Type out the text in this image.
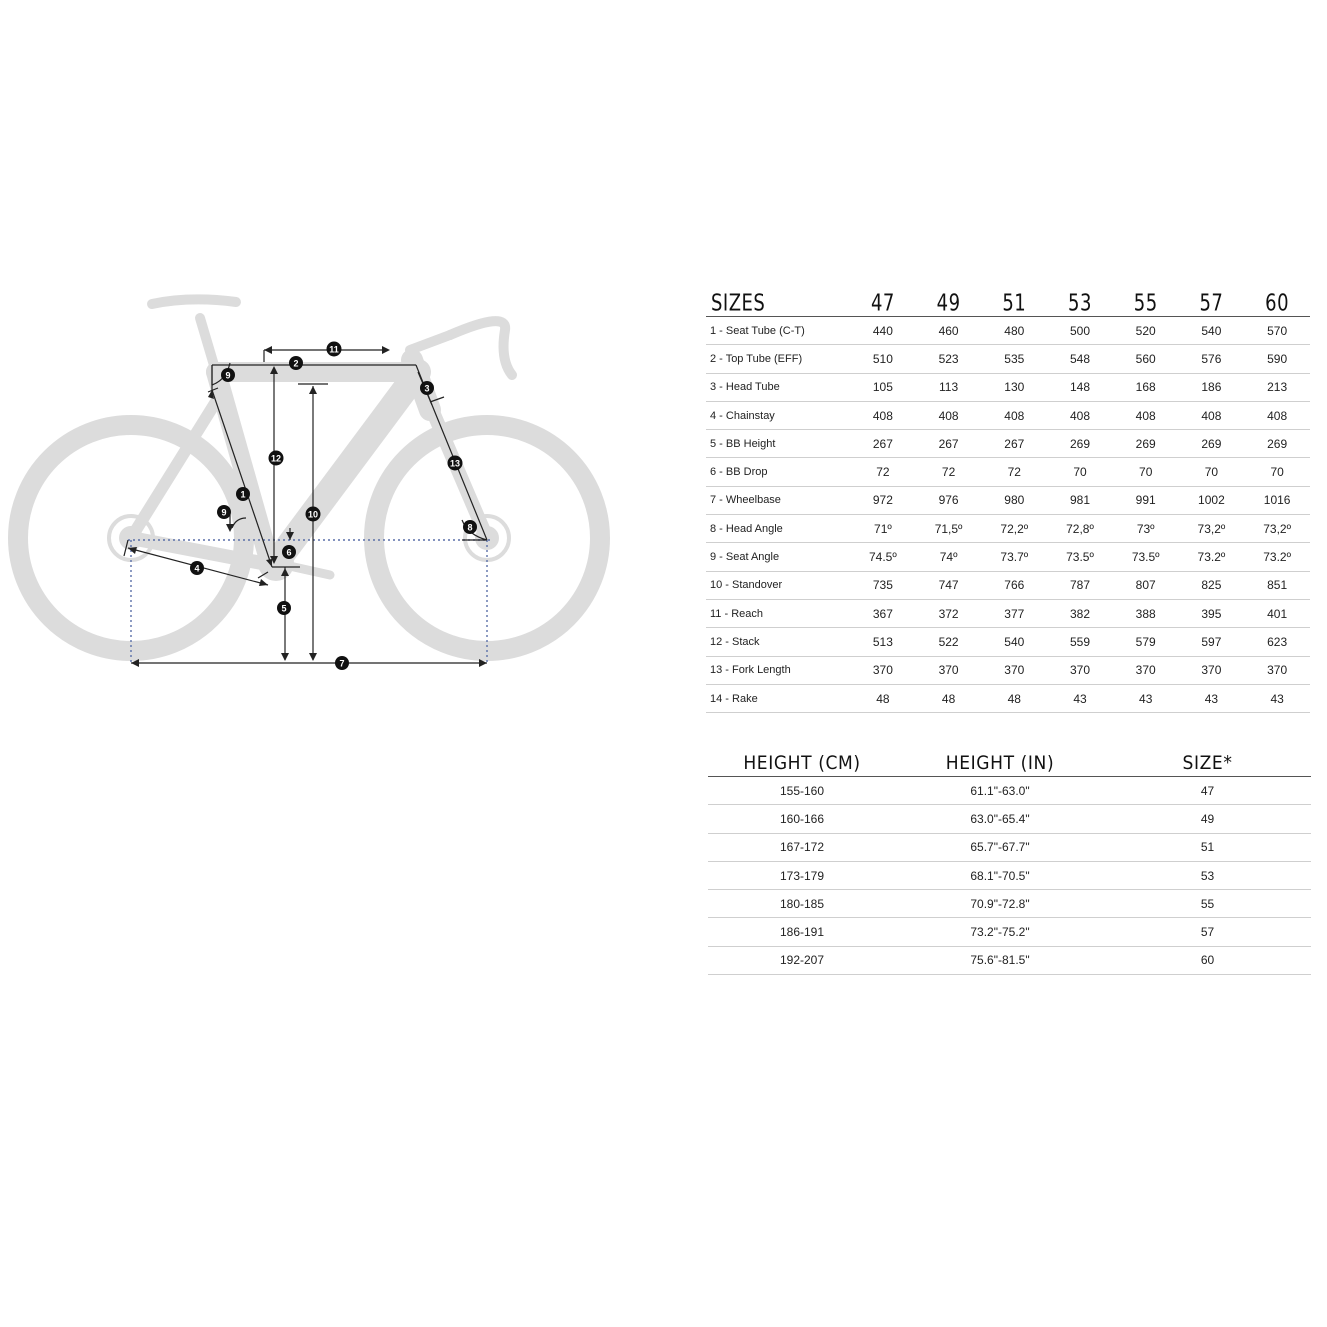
1
2
3
4
5
6
7
8
9
9	10
11
12	13
SIZES	47	49	51	53	55	57	60
1 - Seat Tube (C-T)	440	460	480	500	520	540	570
2 - Top Tube (EFF)	510	523	535	548	560	576	590
3 - Head Tube	105	113	130	148	168	186	213
4 - Chainstay	408	408	408	408	408	408	408
5 - BB Height	267	267	267	269	269	269	269
6 - BB Drop	72	72	72	70	70	70	70
7 - Wheelbase	972	976	980	981	991	1002	1016
8 - Head Angle	71º	71,5º	72,2º	72,8º	73º	73,2º	73,2º
9 - Seat Angle	74.5º	74º	73.7º	73.5º	73.5º	73.2º	73.2º
10 - Standover	735	747	766	787	807	825	851
11 - Reach	367	372	377	382	388	395	401
12 - Stack	513	522	540	559	579	597	623
13 - Fork Length	370	370	370	370	370	370	370
14 - Rake	48	48	48	43	43	43	43
HEIGHT (CM)	HEIGHT (IN)	SIZE*
155-160	61.1"-63.0"	47
160-166	63.0"-65.4"	49
167-172	65.7"-67.7"	51
173-179	68.1"-70.5"	53
180-185	70.9"-72.8"	55
186-191	73.2"-75.2"	57
192-207	75.6"-81.5"	60
